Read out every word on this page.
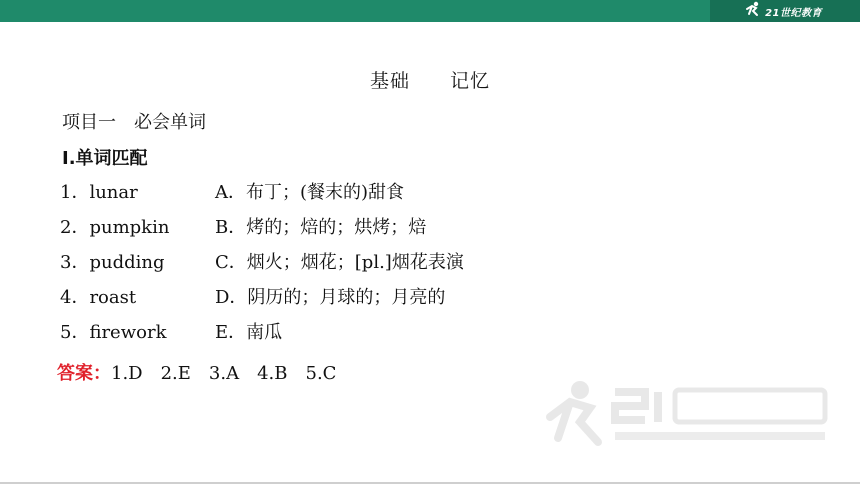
21世纪教育
基础　　记忆
项目一　必会单词
Ⅰ.单词匹配
1．lunar	A．布丁；(餐末的)甜食
2．pumpkin	B．烤的；焙的；烘烤；焙
3．pudding	C．烟火；烟花；[pl.]烟花表演
4．roast	D．阴历的；月球的；月亮的
5．firework	E．南瓜
答案：1.D　2.E　3.A　4.B　5.C
